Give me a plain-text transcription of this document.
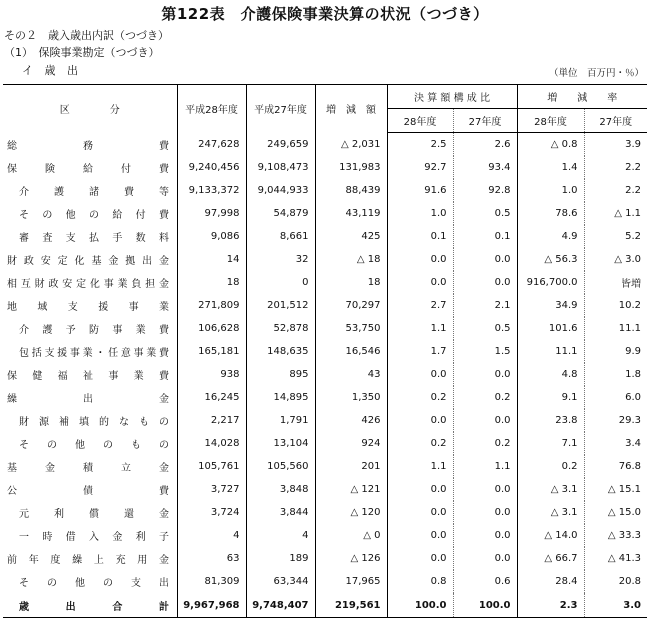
第122表　介護保険事業決算の状況（つづき）
その２　歳入歳出内訳（つづき）
（1）　保険事業勘定（つづき）
イ 歳 出	（単位　百万円・％）
区　　　　分	平成28年度	平成27年度	増　減　額	決 算 額 構 成 比		増　　減　　率	
				28年度	27年度	28年度	27年度

総務費	247,628	249,659	△ 2,031	2.5	2.6	△ 0.8	3.9

保険給付費	9,240,456	9,108,473	131,983	92.7	93.4	1.4	2.2

介護諸費等	9,133,372	9,044,933	88,439	91.6	92.8	1.0	2.2

その他の給付費	97,998	54,879	43,119	1.0	0.5	78.6	△ 1.1

審査支払手数料	9,086	8,661	425	0.1	0.1	4.9	5.2

財政安定化基金拠出金	14	32	△ 18	0.0	0.0	△ 56.3	△ 3.0

相互財政安定化事業負担金	18	0	18	0.0	0.0	916,700.0	皆増

地域支援事業	271,809	201,512	70,297	2.7	2.1	34.9	10.2

介護予防事業費	106,628	52,878	53,750	1.1	0.5	101.6	11.1

包括支援事業・任意事業費	165,181	148,635	16,546	1.7	1.5	11.1	9.9

保健福祉事業費	938	895	43	0.0	0.0	4.8	1.8

繰出金	16,245	14,895	1,350	0.2	0.2	9.1	6.0

財源補填的なもの	2,217	1,791	426	0.0	0.0	23.8	29.3

その他のもの	14,028	13,104	924	0.2	0.2	7.1	3.4

基金積立金	105,761	105,560	201	1.1	1.1	0.2	76.8

公債費	3,727	3,848	△ 121	0.0	0.0	△ 3.1	△ 15.1

元利償還金	3,724	3,844	△ 120	0.0	0.0	△ 3.1	△ 15.0

一時借入金利子	4	4	△ 0	0.0	0.0	△ 14.0	△ 33.3

前年度繰上充用金	63	189	△ 126	0.0	0.0	△ 66.7	△ 41.3

その他の支出	81,309	63,344	17,965	0.8	0.6	28.4	20.8

歳出合計	9,967,968	9,748,407	219,561	100.0	100.0	2.3	3.0
